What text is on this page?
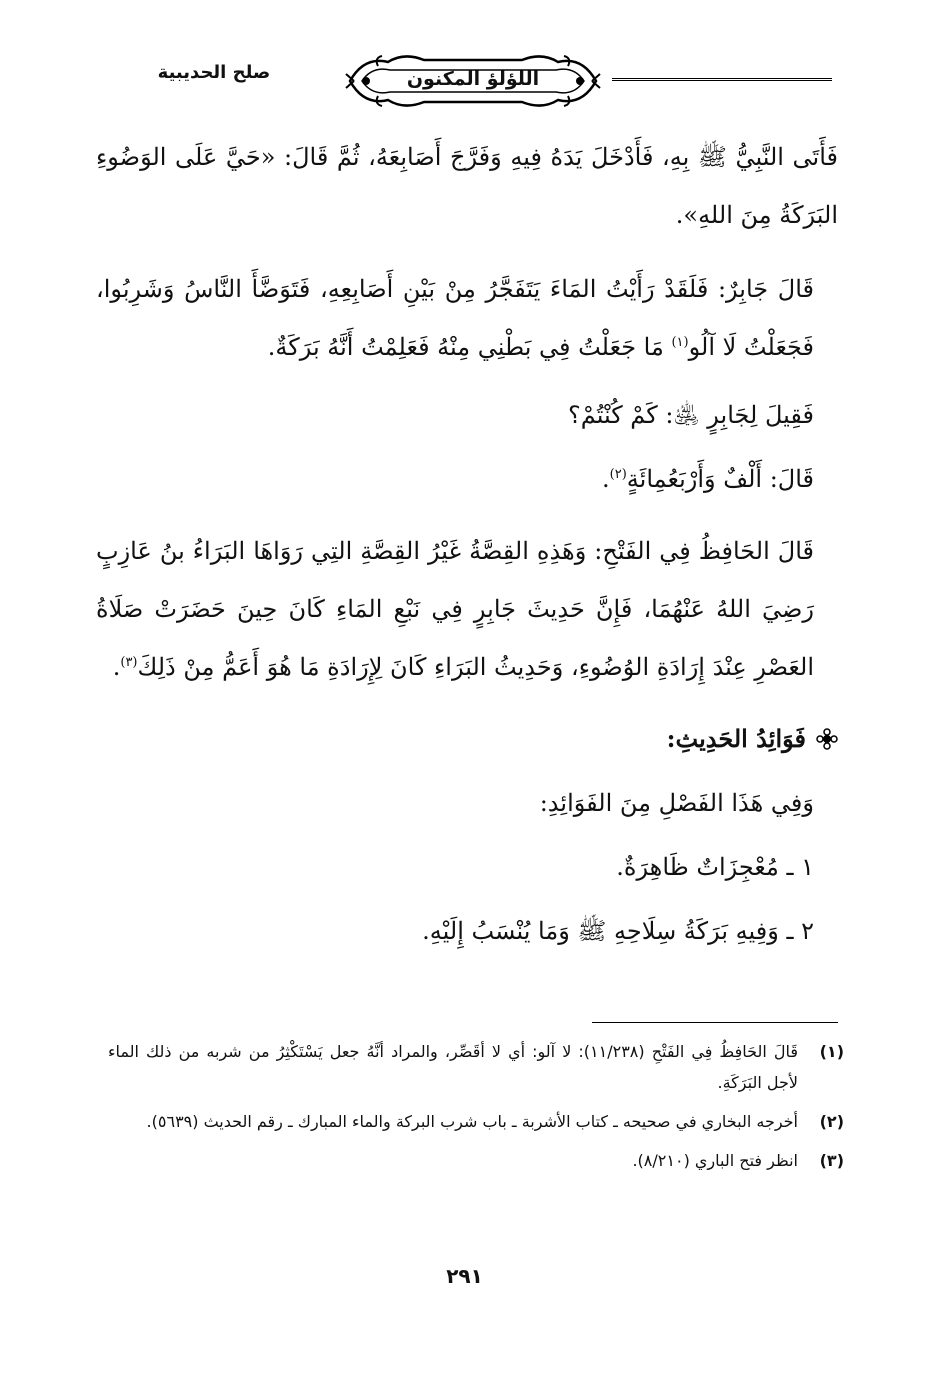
صلح الحديبية	اللؤلؤ المكنون

فَأَتَى النَّبِيُّ ﷺ بِهِ، فَأَدْخَلَ يَدَهُ فِيهِ وَفَرَّجَ أَصَابِعَهُ، ثُمَّ قَالَ: «حَيَّ عَلَى الوَضُوءِ البَرَكَةُ مِنَ اللهِ».

قَالَ جَابِرٌ: فَلَقَدْ رَأَيْتُ المَاءَ يَتَفَجَّرُ مِنْ بَيْنِ أَصَابِعِهِ، فَتَوَضَّأَ النَّاسُ وَشَرِبُوا، فَجَعَلْتُ لَا آلُو$^{(١)}$ مَا جَعَلْتُ فِي بَطْنِي مِنْهُ فَعَلِمْتُ أَنَّهُ بَرَكَةٌ.

فَقِيلَ لِجَابِرٍ ﵁: كَمْ كُنْتُمْ؟

قَالَ: أَلْفٌ وَأَرْبَعُمِائَةٍ$^{(٢)}$.

قَالَ الحَافِظُ فِي الفَتْحِ: وَهَذِهِ القِصَّةُ غَيْرُ القِصَّةِ التِي رَوَاهَا البَرَاءُ بنُ عَازِبٍ رَضِيَ اللهُ عَنْهُمَا، فَإِنَّ حَدِيثَ جَابِرٍ فِي نَبْعِ المَاءِ كَانَ حِينَ حَضَرَتْ صَلَاةُ العَصْرِ عِنْدَ إِرَادَةِ الوُضُوءِ، وَحَدِيثُ البَرَاءِ كَانَ لِإِرَادَةِ مَا هُوَ أَعَمُّ مِنْ ذَلِكَ$^{(٣)}$.

فَوَائِدُ الحَدِيثِ:

وَفِي هَذَا الفَصْلِ مِنَ الفَوَائِدِ:

١ ـ مُعْجِزَاتٌ ظَاهِرَةٌ.

٢ ـ وَفِيهِ بَرَكَةُ سِلَاحِهِ ﷺ وَمَا يُنْسَبُ إِلَيْهِ.

(١)
قَالَ الحَافِظُ فِي الفَتْحِ (١١/٢٣٨): لا آلو: أي لا أقَصِّر، والمراد أنَّهُ جعل يَسْتَكْثِرُ من شربه من ذلك الماء لأجل البَرَكَةِ.
(٢)
أخرجه البخاري في صحيحه ـ كتاب الأشربة ـ باب شرب البركة والماء المبارك ـ رقم الحديث (٥٦٣٩).
(٣)
انظر فتح الباري (٨/٢١٠).
٢٩١
